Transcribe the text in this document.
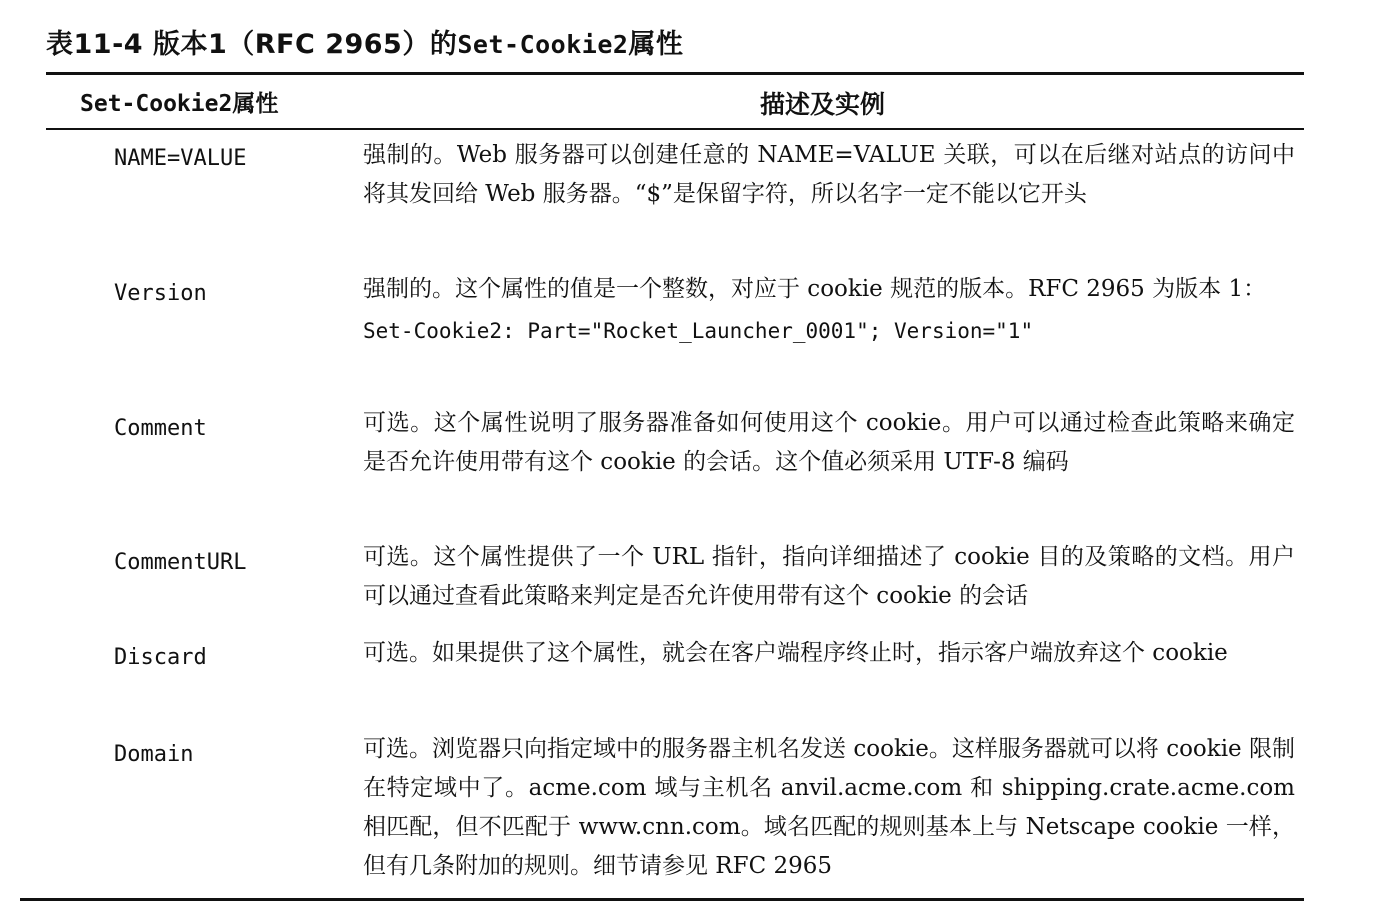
表11-4 版本1（RFC 2965）的Set-Cookie2属性
Set-Cookie2属性	描述及实例
NAME=VALUE	强制的。Web 服务器可以创建任意的 NAME=VALUE 关联，可以在后继对站点的访问中将其发回给 Web 服务器。“$”是保留字符，所以名字一定不能以它开头
Version	强制的。这个属性的值是一个整数，对应于 cookie 规范的版本。RFC 2965 为版本 1：
Set-Cookie2: Part="Rocket_Launcher_0001"; Version="1"
Comment	可选。这个属性说明了服务器准备如何使用这个 cookie。用户可以通过检查此策略来确定是否允许使用带有这个 cookie 的会话。这个值必须采用 UTF-8 编码
CommentURL	可选。这个属性提供了一个 URL 指针，指向详细描述了 cookie 目的及策略的文档。用户可以通过查看此策略来判定是否允许使用带有这个 cookie 的会话
Discard	可选。如果提供了这个属性，就会在客户端程序终止时，指示客户端放弃这个 cookie
Domain	可选。浏览器只向指定域中的服务器主机名发送 cookie。这样服务器就可以将 cookie 限制在特定域中了。acme.com 域与主机名 anvil.acme.com 和 shipping.crate.acme.com 相匹配，但不匹配于 www.cnn.com。域名匹配的规则基本上与 Netscape cookie 一样，但有几条附加的规则。细节请参见 RFC 2965
